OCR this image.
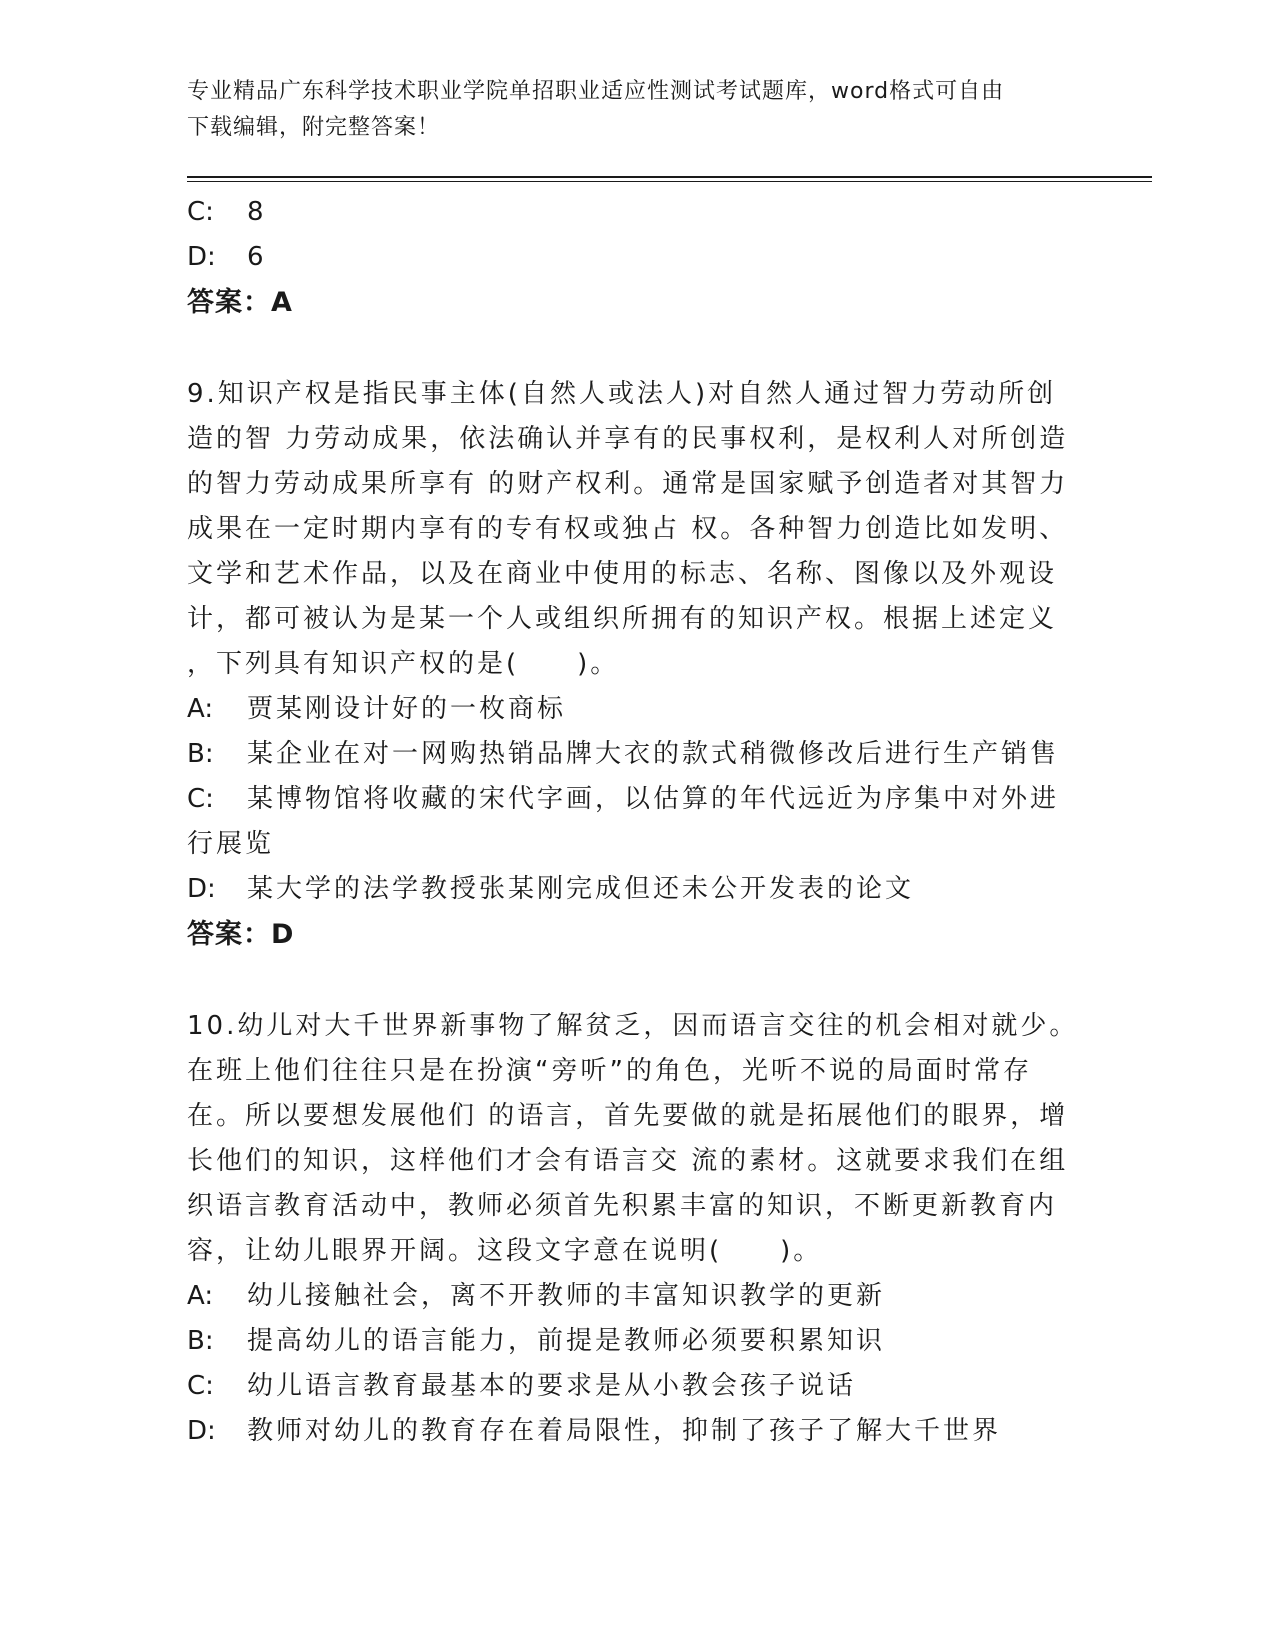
专业精品广东科学技术职业学院单招职业适应性测试考试题库，word格式可自由
下载编辑，附完整答案！
C: 8
D: 6
答案：A
9.知识产权是指民事主体(自然人或法人)对自然人通过智力劳动所创
造的智 力劳动成果，依法确认并享有的民事权利，是权利人对所创造
的智力劳动成果所享有 的财产权利。通常是国家赋予创造者对其智力
成果在一定时期内享有的专有权或独占 权。各种智力创造比如发明、
文学和艺术作品，以及在商业中使用的标志、名称、图像以及外观设
计，都可被认为是某一个人或组织所拥有的知识产权。根据上述定义
，下列具有知识产权的是(　　)。
A: 贾某刚设计好的一枚商标
B: 某企业在对一网购热销品牌大衣的款式稍微修改后进行生产销售
C: 某博物馆将收藏的宋代字画，以估算的年代远近为序集中对外进
行展览
D: 某大学的法学教授张某刚完成但还未公开发表的论文
答案：D
10.幼儿对大千世界新事物了解贫乏，因而语言交往的机会相对就少。
在班上他们往往只是在扮演“旁听”的角色，光听不说的局面时常存
在。所以要想发展他们 的语言，首先要做的就是拓展他们的眼界，增
长他们的知识，这样他们才会有语言交 流的素材。这就要求我们在组
织语言教育活动中，教师必须首先积累丰富的知识，不断更新教育内
容，让幼儿眼界开阔。这段文字意在说明(　　)。
A: 幼儿接触社会，离不开教师的丰富知识教学的更新
B: 提高幼儿的语言能力，前提是教师必须要积累知识
C: 幼儿语言教育最基本的要求是从小教会孩子说话
D: 教师对幼儿的教育存在着局限性，抑制了孩子了解大千世界
